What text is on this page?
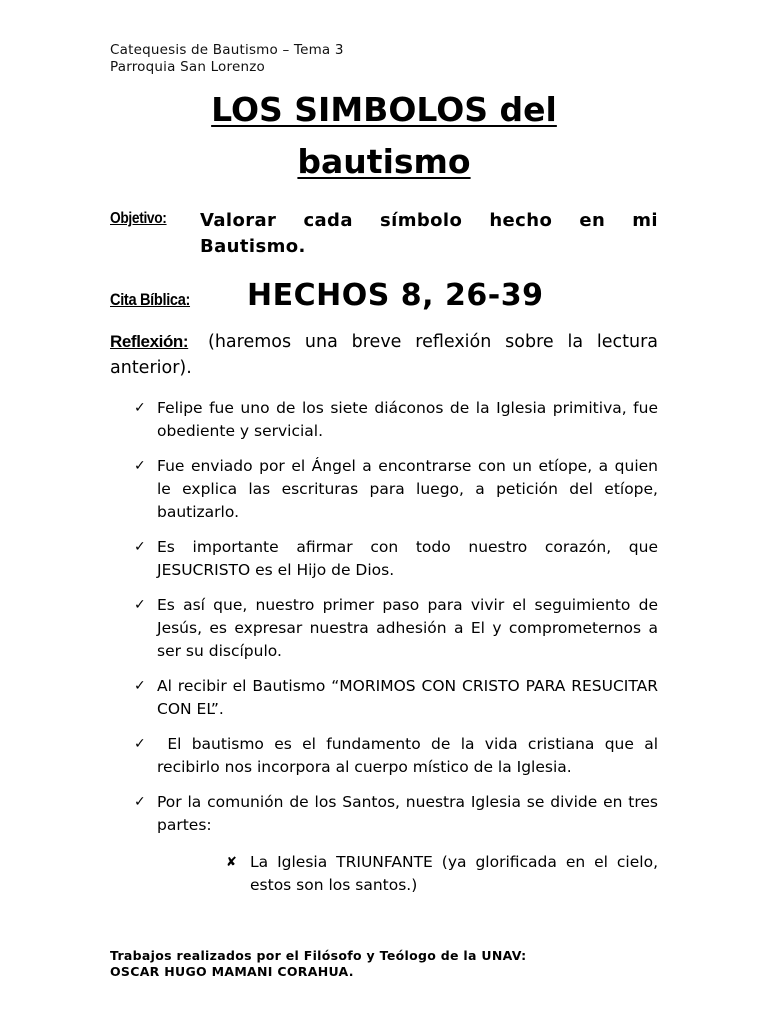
Catequesis de Bautismo – Tema 3
Parroquia San Lorenzo
LOS SIMBOLOS del
bautismo
Objetivo:	Valorar cada símbolo hecho en mi Bautismo.
Cita Bíblica:	HECHOS 8, 26-39
Reflexión: (haremos una breve reflexión sobre la lectura anterior).
✓ Felipe fue uno de los siete diáconos de la Iglesia primitiva, fue obediente y servicial.
✓ Fue enviado por el Ángel a encontrarse con un etíope, a quien le explica las escrituras para luego, a petición del etíope, bautizarlo.
✓ Es importante afirmar con todo nuestro corazón, que JESUCRISTO es el Hijo de Dios.
✓ Es así que, nuestro primer paso para vivir el seguimiento de Jesús, es expresar nuestra adhesión a El y comprometernos a ser su discípulo.
✓ Al recibir el Bautismo “MORIMOS CON CRISTO PARA RESUCITAR CON EL”.
✓ El bautismo es el fundamento de la vida cristiana que al recibirlo nos incorpora al cuerpo místico de la Iglesia.
✓ Por la comunión de los Santos, nuestra Iglesia se divide en tres partes:
✘ La Iglesia TRIUNFANTE (ya glorificada en el cielo, estos son los santos.)
Trabajos realizados por el Filósofo y Teólogo de la UNAV:
OSCAR HUGO MAMANI CORAHUA.
